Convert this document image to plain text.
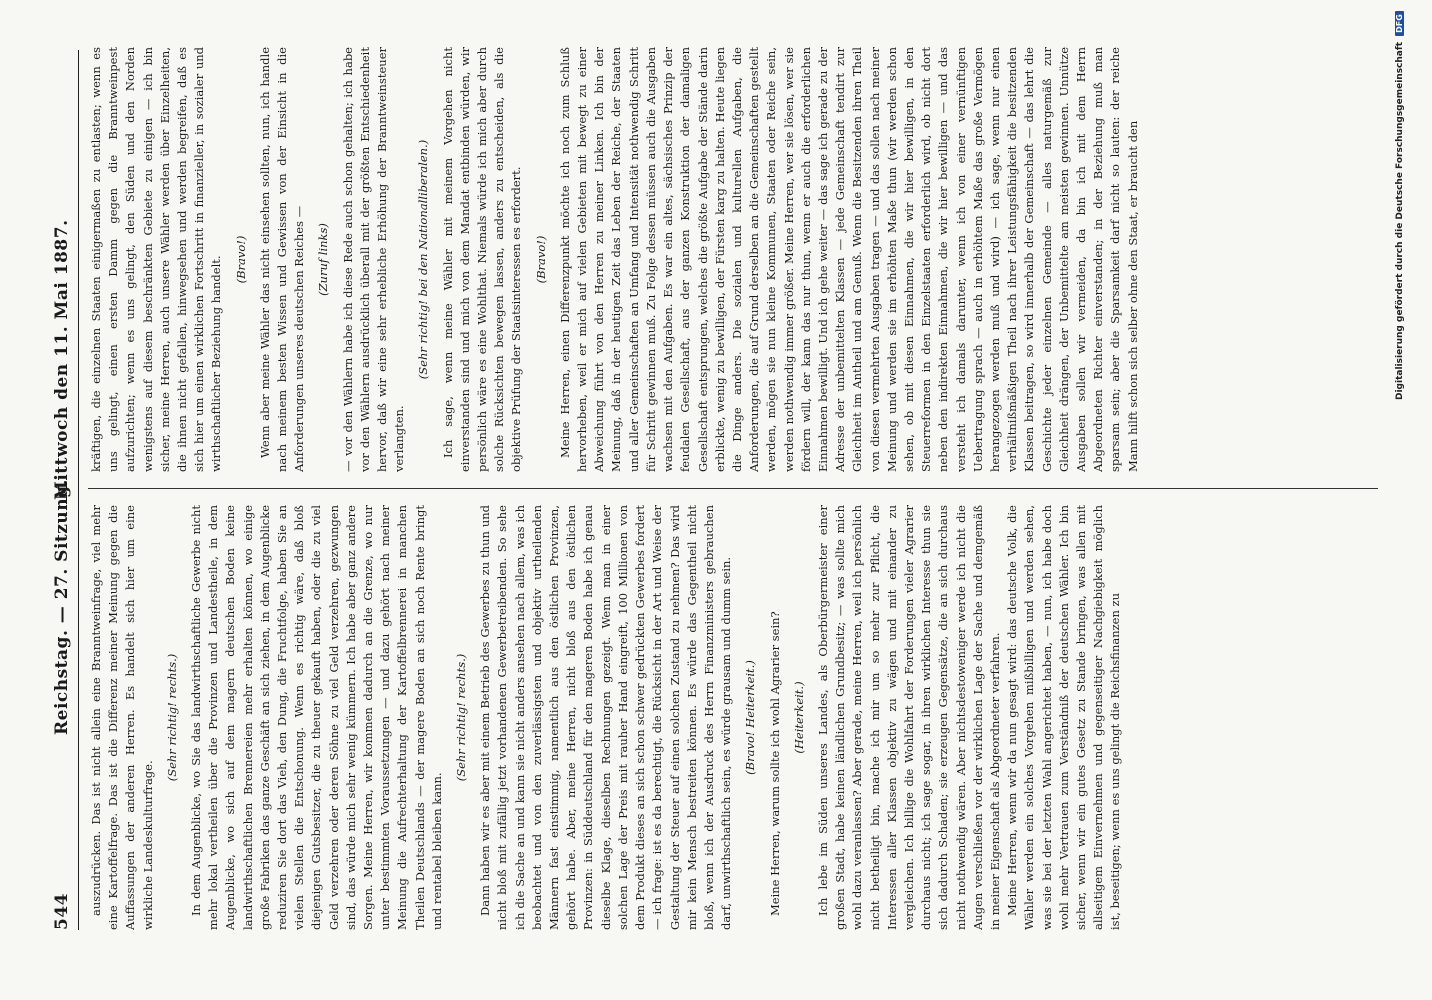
544
Reichstag. — 27. Sitzung.
Mittwoch den 11. Mai 1887.

auszudrücken. Das ist nicht allein eine Branntweinfrage, viel mehr eine Kartoffelfrage. Das ist die Differenz meiner Meinung gegen die Auffassungen der anderen Herren. Es handelt sich hier um eine wirkliche Landeskulturfrage.

(Sehr richtig! rechts.) In dem Augenblicke, wo Sie das landwirthschaftliche Gewerbe nicht mehr lokal vertheilen über die Provinzen und Landestheile, in dem Augenblicke, wo sich auf dem magern deutschen Boden keine landwirthschaftlichen Brennereien mehr erhalten können, wo einige große Fabriken das ganze Geschäft an sich ziehen, in dem Augenblicke reduziren Sie dort das Vieh, den Dung, die Fruchtfolge, haben Sie an vielen Stellen die Entschonung. Wenn es richtig wäre, daß bloß diejenigen Gutsbesitzer, die zu theuer gekauft haben, oder die zu viel Geld verzehren oder deren Söhne zu viel Geld verzehren, gezwungen sind, das würde mich sehr wenig kümmern. Ich habe aber ganz andere Sorgen. Meine Herren, wir kommen dadurch an die Grenze, wo nur unter bestimmten Voraussetzungen — und dazu gehört nach meiner Meinung die Aufrechterhaltung der Kartoffelbrennerei in manchen Theilen Deutschlands — der magere Boden an sich noch Rente bringt und rentabel bleiben kann.

(Sehr richtig! rechts.) Dann haben wir es aber mit einem Betrieb des Gewerbes zu thun und nicht bloß mit zufällig jetzt vorhandenen Gewerbetreibenden. So sehe ich die Sache an und kann sie nicht anders ansehen nach allem, was ich beobachtet und von den zuverlässigsten und objektiv urtheilenden Männern fast einstimmig, namentlich aus den östlichen Provinzen, gehört habe. Aber, meine Herren, nicht bloß aus den östlichen Provinzen: in Süddeutschland für den mageren Boden habe ich genau dieselbe Klage, dieselben Rechnungen gezeigt. Wenn man in einer solchen Lage der Preis mit rauher Hand eingreift, 100 Millionen von dem Produkt dieses an sich schon schwer gedrückten Gewerbes fordert — ich frage: ist es da berechtigt, die Rücksicht in der Art und Weise der Gestaltung der Steuer auf einen solchen Zustand zu nehmen? Das wird mir kein Mensch bestreiten können. Es würde das Gegentheil nicht bloß, wenn ich der Ausdruck des Herrn Finanzministers gebrauchen darf, unwirthschaftlich sein, es würde grausam und dumm sein. (Bravo! Heiterkeit.) Meine Herren, warum sollte ich wohl Agrarier sein? (Heiterkeit.) Ich lebe im Süden unseres Landes, als Oberbürgermeister einer großen Stadt, habe keinen ländlichen Grundbesitz; — was sollte mich wohl dazu veranlassen? Aber gerade, meine Herren, weil ich persönlich nicht betheiligt bin, mache ich mir um so mehr zur Pflicht, die Interessen aller Klassen objektiv zu wägen und mit einander zu vergleichen. Ich billige die Wohlfahrt der Forderungen vieler Agrarier durchaus nicht; ich sage sogar, in ihren wirklichen Interesse thun sie sich dadurch Schaden; sie erzeugen Gegensätze, die an sich durchaus nicht nothwendig wären. Aber nichtsdestoweniger werde ich nicht die Augen verschließen vor der wirklichen Lage der Sache und demgemäß in meiner Eigenschaft als Abgeordneter verfahren. Meine Herren, wenn wir da nun gesagt wird: das deutsche Volk, die Wähler werden ein solches Vorgehen mißbilligen und werden sehen, was sie bei der letzten Wahl angerichtet haben, — nun, ich habe doch wohl mehr Vertrauen zum Verständniß der deutschen Wähler. Ich bin sicher, wenn wir ein gutes Gesetz zu Stande bringen, was allen mit allseitigem Einvernehmen und gegenseitiger Nachgiebigkeit möglich ist, beseitigen; wenn es uns gelingt die Reichsfinanzen zu

kräftigen, die einzelnen Staaten einigermaßen zu entlasten; wenn es uns gelingt, einen ersten Damm gegen die Branntweinpest aufzurichten; wenn es uns gelingt, den Süden und den Norden wenigstens auf diesem beschränkten Gebiete zu einigen — ich bin sicher, meine Herren, auch unsere Wähler werden über Einzelheiten, die ihnen nicht gefallen, hinwegsehen und werden begreifen, daß es sich hier um einen wirklichen Fortschritt in finanzieller, in sozialer und wirthschaftlicher Beziehung handelt. (Bravo!) Wenn aber meine Wähler das nicht einsehen sollten, nun, ich handle nach meinem besten Wissen und Gewissen von der Einsicht in die Anforderungen unseres deutschen Reiches — (Zuruf links) — vor den Wählern habe ich diese Rede auch schon gehalten; ich habe vor den Wählern ausdrücklich überall mit der größten Entschiedenheit hervor, daß wir eine sehr erhebliche Erhöhung der Branntweinsteuer verlangten.

(Sehr richtig! bei den Nationalliberalen.) Ich sage, wenn meine Wähler mit meinem Vorgehen nicht einverstanden sind und mich von dem Mandat entbinden würden, wir persönlich wäre es eine Wohlthat. Niemals würde ich mich aber durch solche Rücksichten bewegen lassen, anders zu entscheiden, als die objektive Prüfung der Staatsinteressen es erfordert. (Bravo!) Meine Herren, einen Differenzpunkt möchte ich noch zum Schluß hervorheben, weil er mich auf vielen Gebieten mit bewegt zu einer Abweichung führt von den Herren zu meiner Linken. Ich bin der Meinung, daß in der heutigen Zeit das Leben der Reiche, der Staaten und aller Gemeinschaften an Umfang und Intensität nothwendig Schritt für Schritt gewinnen muß. Zu Folge dessen müssen auch die Ausgaben wachsen mit den Aufgaben. Es war ein altes, sächsisches Prinzip der feudalen Gesellschaft, aus der ganzen Konstruktion der damaligen Gesellschaft entsprungen, welches die größte Aufgabe der Stände darin erblickte, wenig zu bewilligen, der Fürsten karg zu halten. Heute liegen die Dinge anders. Die sozialen und kulturellen Aufgaben, die Anforderungen, die auf Grund derselben an die Gemeinschaften gestellt werden, mögen sie nun kleine Kommunen, Staaten oder Reiche sein, werden nothwendig immer größer. Meine Herren, wer sie lösen, wer sie fördern will, der kann das nur thun, wenn er auch die erforderlichen Einnahmen bewilligt. Und ich gehe weiter — das sage ich gerade zu der Adresse der unbemittelten Klassen — jede Gemeinschaft tendirt zur Gleichheit im Antheil und am Genuß. Wenn die Besitzenden ihren Theil von diesen vermehrten Ausgaben tragen — und das sollen nach meiner Meinung und werden sie im erhöhten Maße thun (wir werden schon sehen, ob mit diesen Einnahmen, die wir hier bewilligen, in den Steuerreformen in den Einzelstaaten erforderlich wird, ob nicht dort neben den indirekten Einnahmen, die wir hier bewilligen — und das versteht ich damals darunter, wenn ich von einer vernünftigen Uebertragung sprach — auch in erhöhtem Maße das große Vermögen herangezogen werden muß und wird) — ich sage, wenn nur einen verhältnißmäßigen Theil nach ihrer Leistungsfähigkeit die besitzenden Klassen beitragen, so wird innerhalb der Gemeinschaft — das lehrt die Geschichte jeder einzelnen Gemeinde — alles naturgemäß zur Gleichheit drängen, der Unbemittelte am meisten gewinnen. Unnütze Ausgaben sollen wir vermeiden, da bin ich mit dem Herrn Abgeordneten Richter einverstanden; in der Beziehung muß man sparsam sein; aber die Sparsamkeit darf nicht so lauten: der reiche Mann hilft schon sich selber ohne den Staat, er braucht den	Digitalisierung gefördert durch die Deutsche ForschungsgemeinschaftDFG
